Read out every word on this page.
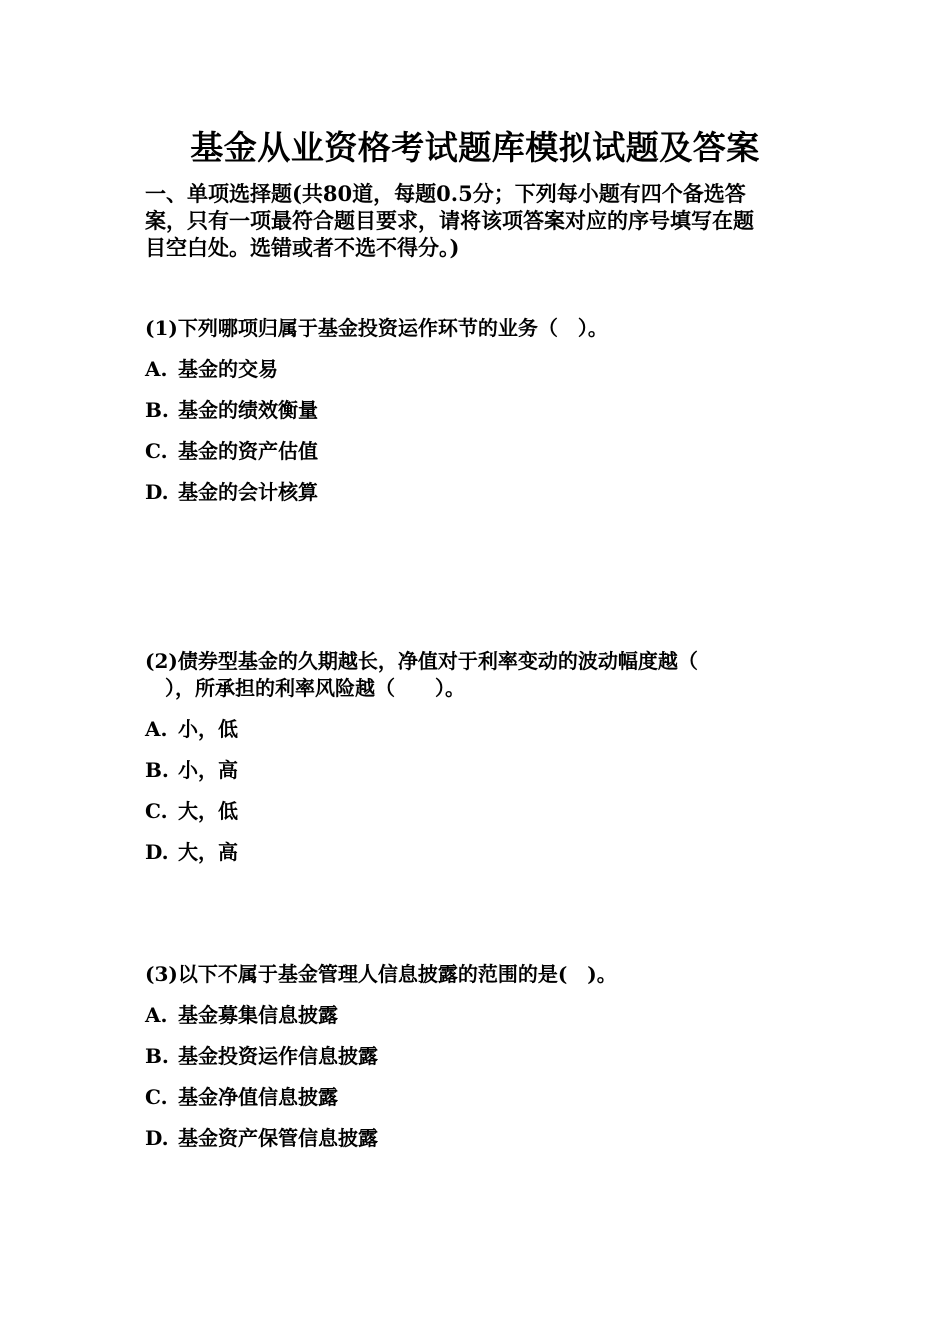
基金从业资格考试题库模拟试题及答案
一、单项选择题(共80道，每题0.5分；下列每小题有四个备选答
案，只有一项最符合题目要求，请将该项答案对应的序号填写在题
目空白处。选错或者不选不得分。)
(1)下列哪项归属于基金投资运作环节的业务（　）。
A. 基金的交易
B. 基金的绩效衡量
C. 基金的资产估值
D. 基金的会计核算
(2)债券型基金的久期越长，净值对于利率变动的波动幅度越（
　），所承担的利率风险越（　　）。
A. 小，低
B. 小，高
C. 大，低
D. 大，高
(3)以下不属于基金管理人信息披露的范围的是(　)。
A. 基金募集信息披露
B. 基金投资运作信息披露
C. 基金净值信息披露
D. 基金资产保管信息披露
